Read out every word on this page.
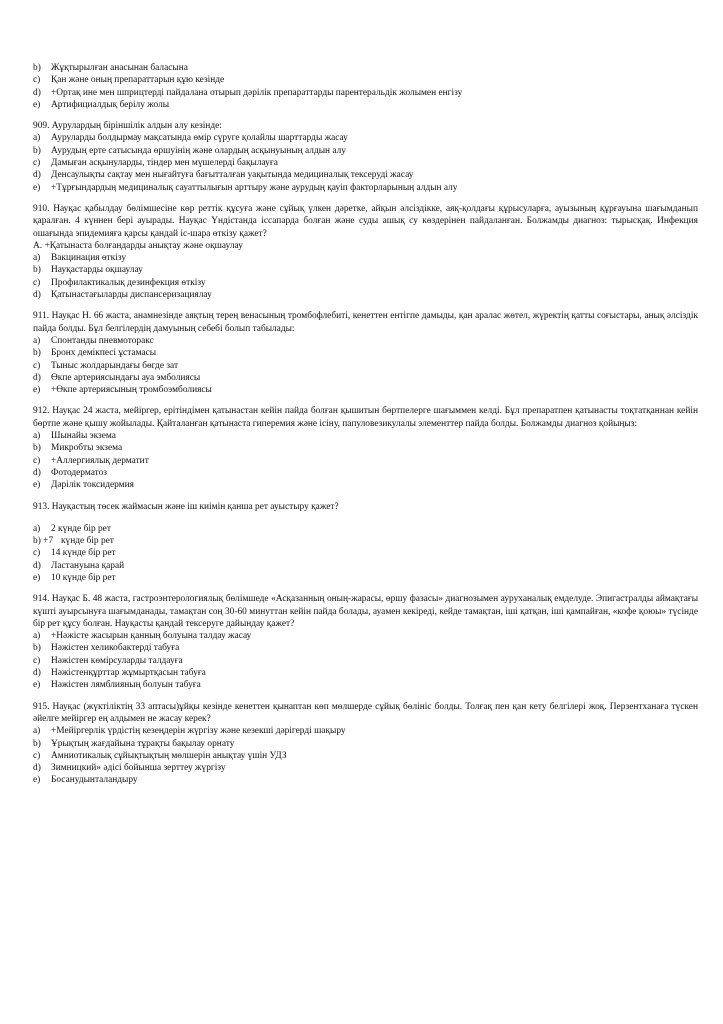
b)	Жұқтырылған анасынан баласына
c)	Қан және оның препараттарын құю кезінде
d)	+Ортақ ине мен шприцтерді пайдалана отырып дәрілік препараттарды парентеральдік жолымен енгізу
e)	Артифициалдық берілу жолы
909. Аурулардың біріншілік алдын алу кезінде:
a)	Ауруларды болдырмау мақсатында өмір сүруге қолайлы шарттарды жасау
b)	Аурудың ерте сатысында өршуінің және олардың асқынуының алдын алу
c)	Дамыған асқынуларды, тіндер мен мүшелерді бақылауға
d)	Денсаулықты сақтау мен нығайтуға бағытталған уақытында медициналық тексеруді жасау
e)	+Тұрғындардың медициналық сауаттылығын арттыру және аурудың қауіп факторларының алдын алу
910. Науқас қабылдау бөлімшесіне көр реттік құсуға және сұйық үлкен дәретке, айқын әлсіздікке, аяқ-қолдағы құрысуларға, ауызының құрғауына шағымданып қаралған. 4 күннен бері ауырады. Науқас Үндістанда іссапарда болған және суды ашық су көздерінен пайдаланған. Болжамды диагноз: тырысқақ. Инфекция ошағында эпидемияға қарсы қандай іс-шара өткізу қажет?
A. +Қатынаста болғандарды анықтау және оқшаулау
a)	Вакцинация өткізу
b)	Науқастарды оқшаулау
c)	Профилактикалық дезинфекция өткізу
d)	Қатынастағыларды диспансеризациялау
911. Науқас Н. 66 жаста, анамнезінде аяқтың терең венасының тромбофлебиті, кенеттен ентігпе дамыды, қан аралас жөтел, жүректің қатты соғыстары, анық әлсіздік пайда болды. Бұл белгілердің дамуының себебі болып табылады:
a)	Спонтанды пневмоторакс
b)	Бронх демікпесі ұстамасы
c)	Тыныс жолдарындағы бөгде зат
d)	Өкпе артериясындағы ауа эмболиясы
e)	+Өкпе артериясының тромбоэмболиясы
912. Науқас 24 жаста, мейіргер, ерітіндімен қатынастан кейін пайда болған қышитын бөртпелерге шағыммен келді. Бұл препаратпен қатынасты тоқтатқаннан кейін бөртпе және қышу жойылады. Қайталанған қатынаста гиперемия және ісіну, папуловезикулалы элементтер пайда болды. Болжамды диагноз қойыңыз:
a)	Шынайы экзема
b)	Микробты экзема
c)	+Аллергиялық дерматит
d)	Фотодерматоз
e)	Дәрілік токсидермия
913. Науқастың төсек жаймасын және іш киімін қанша рет ауыстыру қажет?
a)	2 күнде бір рет
b) +7 күнде бір рет
c)	14 күнде бір рет
d)	Ластануына қарай
e)	10 күнде бір рет
914. Науқас Б. 48 жаста, гастроэнтерологиялық бөлімшеде «Асқазанның оның-жарасы, өршу фазасы» диагнозымен ауруханалық емделуде. Эпигастралды аймақтағы күшті ауырсынуға шағымданады, тамақтан соң 30-60 минуттан кейін пайда болады, ауамен кекіреді, кейде тамақтан, іші қатқан, іші қампайған, «кофе қоюы» түсінде бір рет құсу болған. Науқасты қандай тексеруге дайындау қажет?
a)	+Нәжісте жасырын қанның болуына талдау жасау
b)	Нәжістен хеликобактерді табуға
c)	Нәжістен көмірсуларды талдауға
d)	Нәжістенқұрттар жұмыртқасын табуға
e)	Нәжістен лямблияның болуын табуға
915. Науқас (жүктіліктің 33 аптасы)ұйқы кезінде кенеттен қынаптан көп мөлшерде сұйық бөлініс болды. Толғақ пен қан кету белгілері жоқ. Перзентханаға түскен әйелге мейіргер ең алдымен не жасау керек?
a)	+Мейіргерлік үрдістің кезеңдерін жүргізу және кезекші дәрігерді шақыру
b)	Ұрықтың жағдайына тұрақты бақылау орнату
c)	Амниотикалық сұйықтықтың мөлшерін анықтау үшін УДЗ
d)	Зимницкий» әдісі бойынша зерттеу жүргізу
e)	Босанудынталандыру
